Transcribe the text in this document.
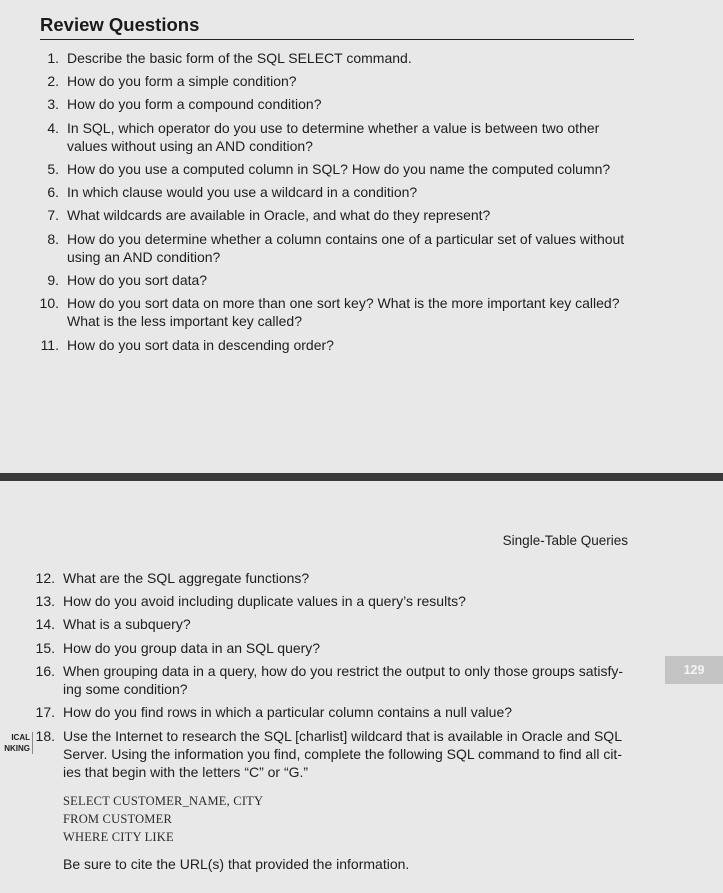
Review Questions
1. Describe the basic form of the SQL SELECT command.
2. How do you form a simple condition?
3. How do you form a compound condition?
4. In SQL, which operator do you use to determine whether a value is between two other
values without using an AND condition?
5. How do you use a computed column in SQL? How do you name the computed column?
6. In which clause would you use a wildcard in a condition?
7. What wildcards are available in Oracle, and what do they represent?
8. How do you determine whether a column contains one of a particular set of values without
using an AND condition?
9. How do you sort data?
10. How do you sort data on more than one sort key? What is the more important key called?
What is the less important key called?
11. How do you sort data in descending order?
Single-Table Queries
129
ICAL
NKING
SELECT CUSTOMER_NAME, CITY
FROM CUSTOMER
WHERE CITY LIKE
Be sure to cite the URL(s) that provided the information.
12. What are the SQL aggregate functions?
13. How do you avoid including duplicate values in a query’s results?
14. What is a subquery?
15. How do you group data in an SQL query?
16. When grouping data in a query, how do you restrict the output to only those groups satisfy-
ing some condition?
17. How do you find rows in which a particular column contains a null value?
18. Use the Internet to research the SQL [charlist] wildcard that is available in Oracle and SQL
Server. Using the information you find, complete the following SQL command to find all cit-
ies that begin with the letters “C” or “G.”
